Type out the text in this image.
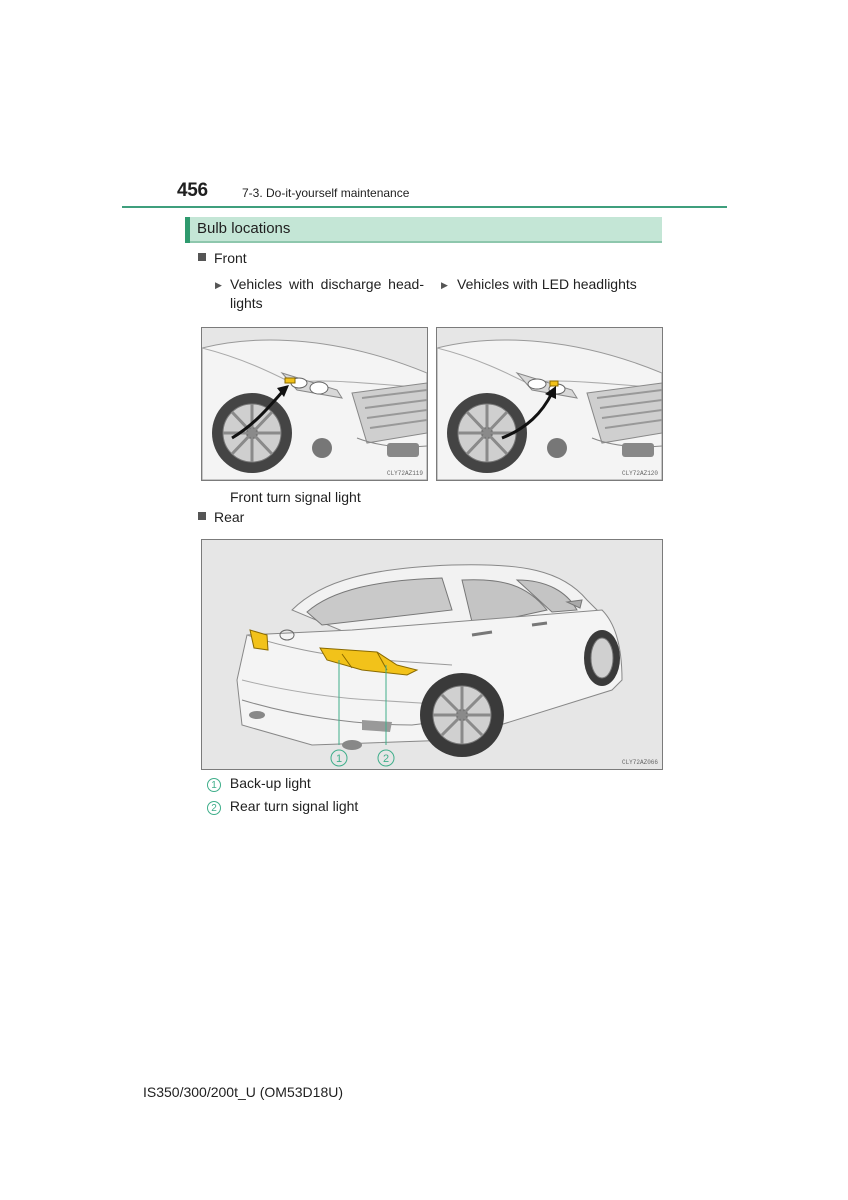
456	7-3. Do-it-yourself maintenance
Bulb locations
Front
▶ Vehicles with discharge head-
lights
▶ Vehicles with LED headlights
CLY72AZ119	CLY72AZ120
Front turn signal light
Rear
1	2	CLY72AZ066
1 Back-up light
2 Rear turn signal light
IS350/300/200t_U (OM53D18U)
